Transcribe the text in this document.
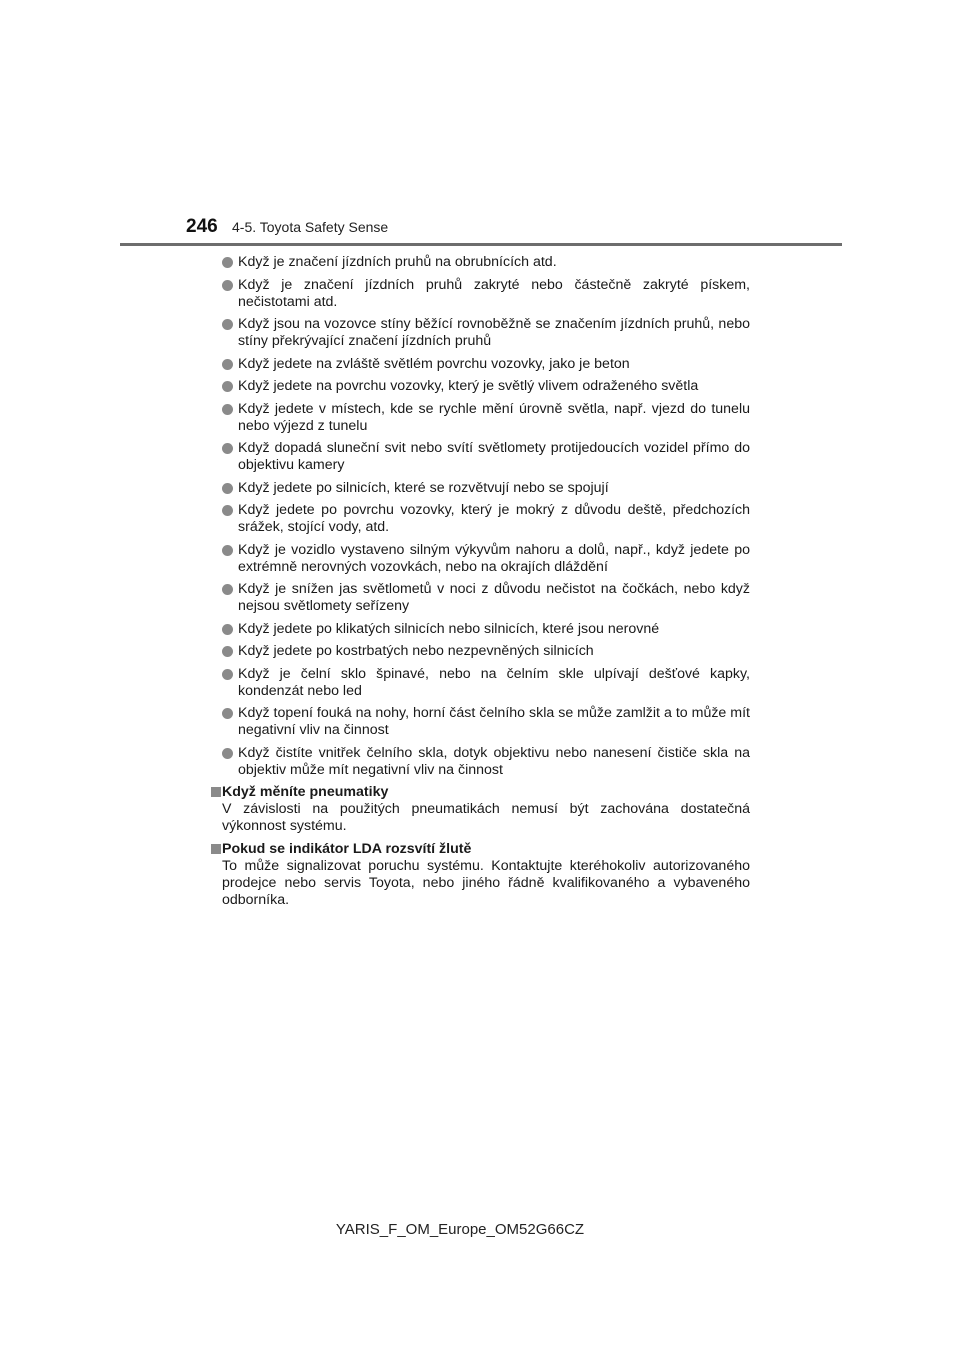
246	4-5. Toyota Safety Sense
Když je značení jízdních pruhů na obrubnících atd.
Když je značení jízdních pruhů zakryté nebo částečně zakryté pískem, nečistotami atd.
Když jsou na vozovce stíny běžící rovnoběžně se značením jízdních pruhů, nebo stíny překrývající značení jízdních pruhů
Když jedete na zvláště světlém povrchu vozovky, jako je beton
Když jedete na povrchu vozovky, který je světlý vlivem odraženého světla
Když jedete v místech, kde se rychle mění úrovně světla, např. vjezd do tunelu nebo výjezd z tunelu
Když dopadá sluneční svit nebo svítí světlomety protijedoucích vozidel přímo do objektivu kamery
Když jedete po silnicích, které se rozvětvují nebo se spojují
Když jedete po povrchu vozovky, který je mokrý z důvodu deště, předchozích srážek, stojící vody, atd.
Když je vozidlo vystaveno silným výkyvům nahoru a dolů, např., když jedete po extrémně nerovných vozovkách, nebo na okrajích dláždění
Když je snížen jas světlometů v noci z důvodu nečistot na čočkách, nebo když nejsou světlomety seřízeny
Když jedete po klikatých silnicích nebo silnicích, které jsou nerovné
Když jedete po kostrbatých nebo nezpevněných silnicích
Když je čelní sklo špinavé, nebo na čelním skle ulpívají dešťové kapky, kondenzát nebo led
Když topení fouká na nohy, horní část čelního skla se může zamlžit a to může mít negativní vliv na činnost
Když čistíte vnitřek čelního skla, dotyk objektivu nebo nanesení čističe skla na objektiv může mít negativní vliv na činnost
Když měníte pneumatiky
V závislosti na použitých pneumatikách nemusí být zachována dostatečná výkonnost systému.
Pokud se indikátor LDA rozsvítí žlutě
To může signalizovat poruchu systému. Kontaktujte kteréhokoliv autorizovaného prodejce nebo servis Toyota, nebo jiného řádně kvalifikovaného a vybaveného odborníka.
YARIS_F_OM_Europe_OM52G66CZ
